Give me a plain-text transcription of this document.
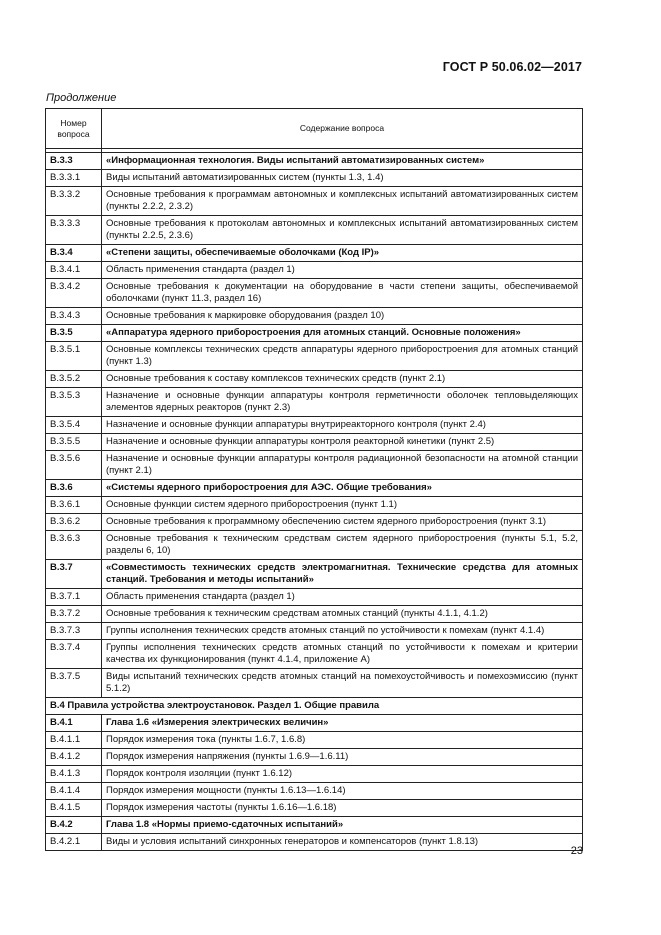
ГОСТ Р 50.06.02—2017
Продолжение
Номер вопроса	Содержание вопроса

В.3.3	«Информационная технология. Виды испытаний автоматизированных систем»
В.3.3.1	Виды испытаний автоматизированных систем (пункты 1.3, 1.4)
В.3.3.2	Основные требования к программам автономных и комплексных испытаний автоматизированных систем (пункты 2.2.2, 2.3.2)
В.3.3.3	Основные требования к протоколам автономных и комплексных испытаний автоматизированных систем (пункты 2.2.5, 2.3.6)
В.3.4	«Степени защиты, обеспечиваемые оболочками (Код IP)»
В.3.4.1	Область применения стандарта (раздел 1)
В.3.4.2	Основные требования к документации на оборудование в части степени защиты, обеспечиваемой оболочками (пункт 11.3, раздел 16)
В.3.4.3	Основные требования к маркировке оборудования (раздел 10)
В.3.5	«Аппаратура ядерного приборостроения для атомных станций. Основные положения»
В.3.5.1	Основные комплексы технических средств аппаратуры ядерного приборостроения для атомных станций (пункт 1.3)
В.3.5.2	Основные требования к составу комплексов технических средств (пункт 2.1)
В.3.5.3	Назначение и основные функции аппаратуры контроля герметичности оболочек тепловыделяющих элементов ядерных реакторов (пункт 2.3)
В.3.5.4	Назначение и основные функции аппаратуры внутриреакторного контроля (пункт 2.4)
В.3.5.5	Назначение и основные функции аппаратуры контроля реакторной кинетики (пункт 2.5)
В.3.5.6	Назначение и основные функции аппаратуры контроля радиационной безопасности на атомной станции (пункт 2.1)
В.3.6	«Системы ядерного приборостроения для АЭС. Общие требования»
В.3.6.1	Основные функции систем ядерного приборостроения (пункт 1.1)
В.3.6.2	Основные требования к программному обеспечению систем ядерного приборостроения (пункт 3.1)
В.3.6.3	Основные требования к техническим средствам систем ядерного приборостроения (пункты 5.1, 5.2, разделы 6, 10)
В.3.7	«Совместимость технических средств электромагнитная. Технические средства для атомных станций. Требования и методы испытаний»
В.3.7.1	Область применения стандарта (раздел 1)
В.3.7.2	Основные требования к техническим средствам атомных станций (пункты 4.1.1, 4.1.2)
В.3.7.3	Группы исполнения технических средств атомных станций по устойчивости к помехам (пункт 4.1.4)
В.3.7.4	Группы исполнения технических средств атомных станций по устойчивости к помехам и критерии качества их функционирования (пункт 4.1.4, приложение А)
В.3.7.5	Виды испытаний технических средств атомных станций на помехоустойчивость и помехоэмиссию (пункт 5.1.2)
В.4 Правила устройства электроустановок. Раздел 1. Общие правила	
В.4.1	Глава 1.6 «Измерения электрических величин»
В.4.1.1	Порядок измерения тока (пункты 1.6.7, 1.6.8)
В.4.1.2	Порядок измерения напряжения (пункты 1.6.9—1.6.11)
В.4.1.3	Порядок контроля изоляции (пункт 1.6.12)
В.4.1.4	Порядок измерения мощности (пункты 1.6.13—1.6.14)
В.4.1.5	Порядок измерения частоты (пункты 1.6.16—1.6.18)
В.4.2	Глава 1.8 «Нормы приемо-сдаточных испытаний»
В.4.2.1	Виды и условия испытаний синхронных генераторов и компенсаторов (пункт 1.8.13)
23
